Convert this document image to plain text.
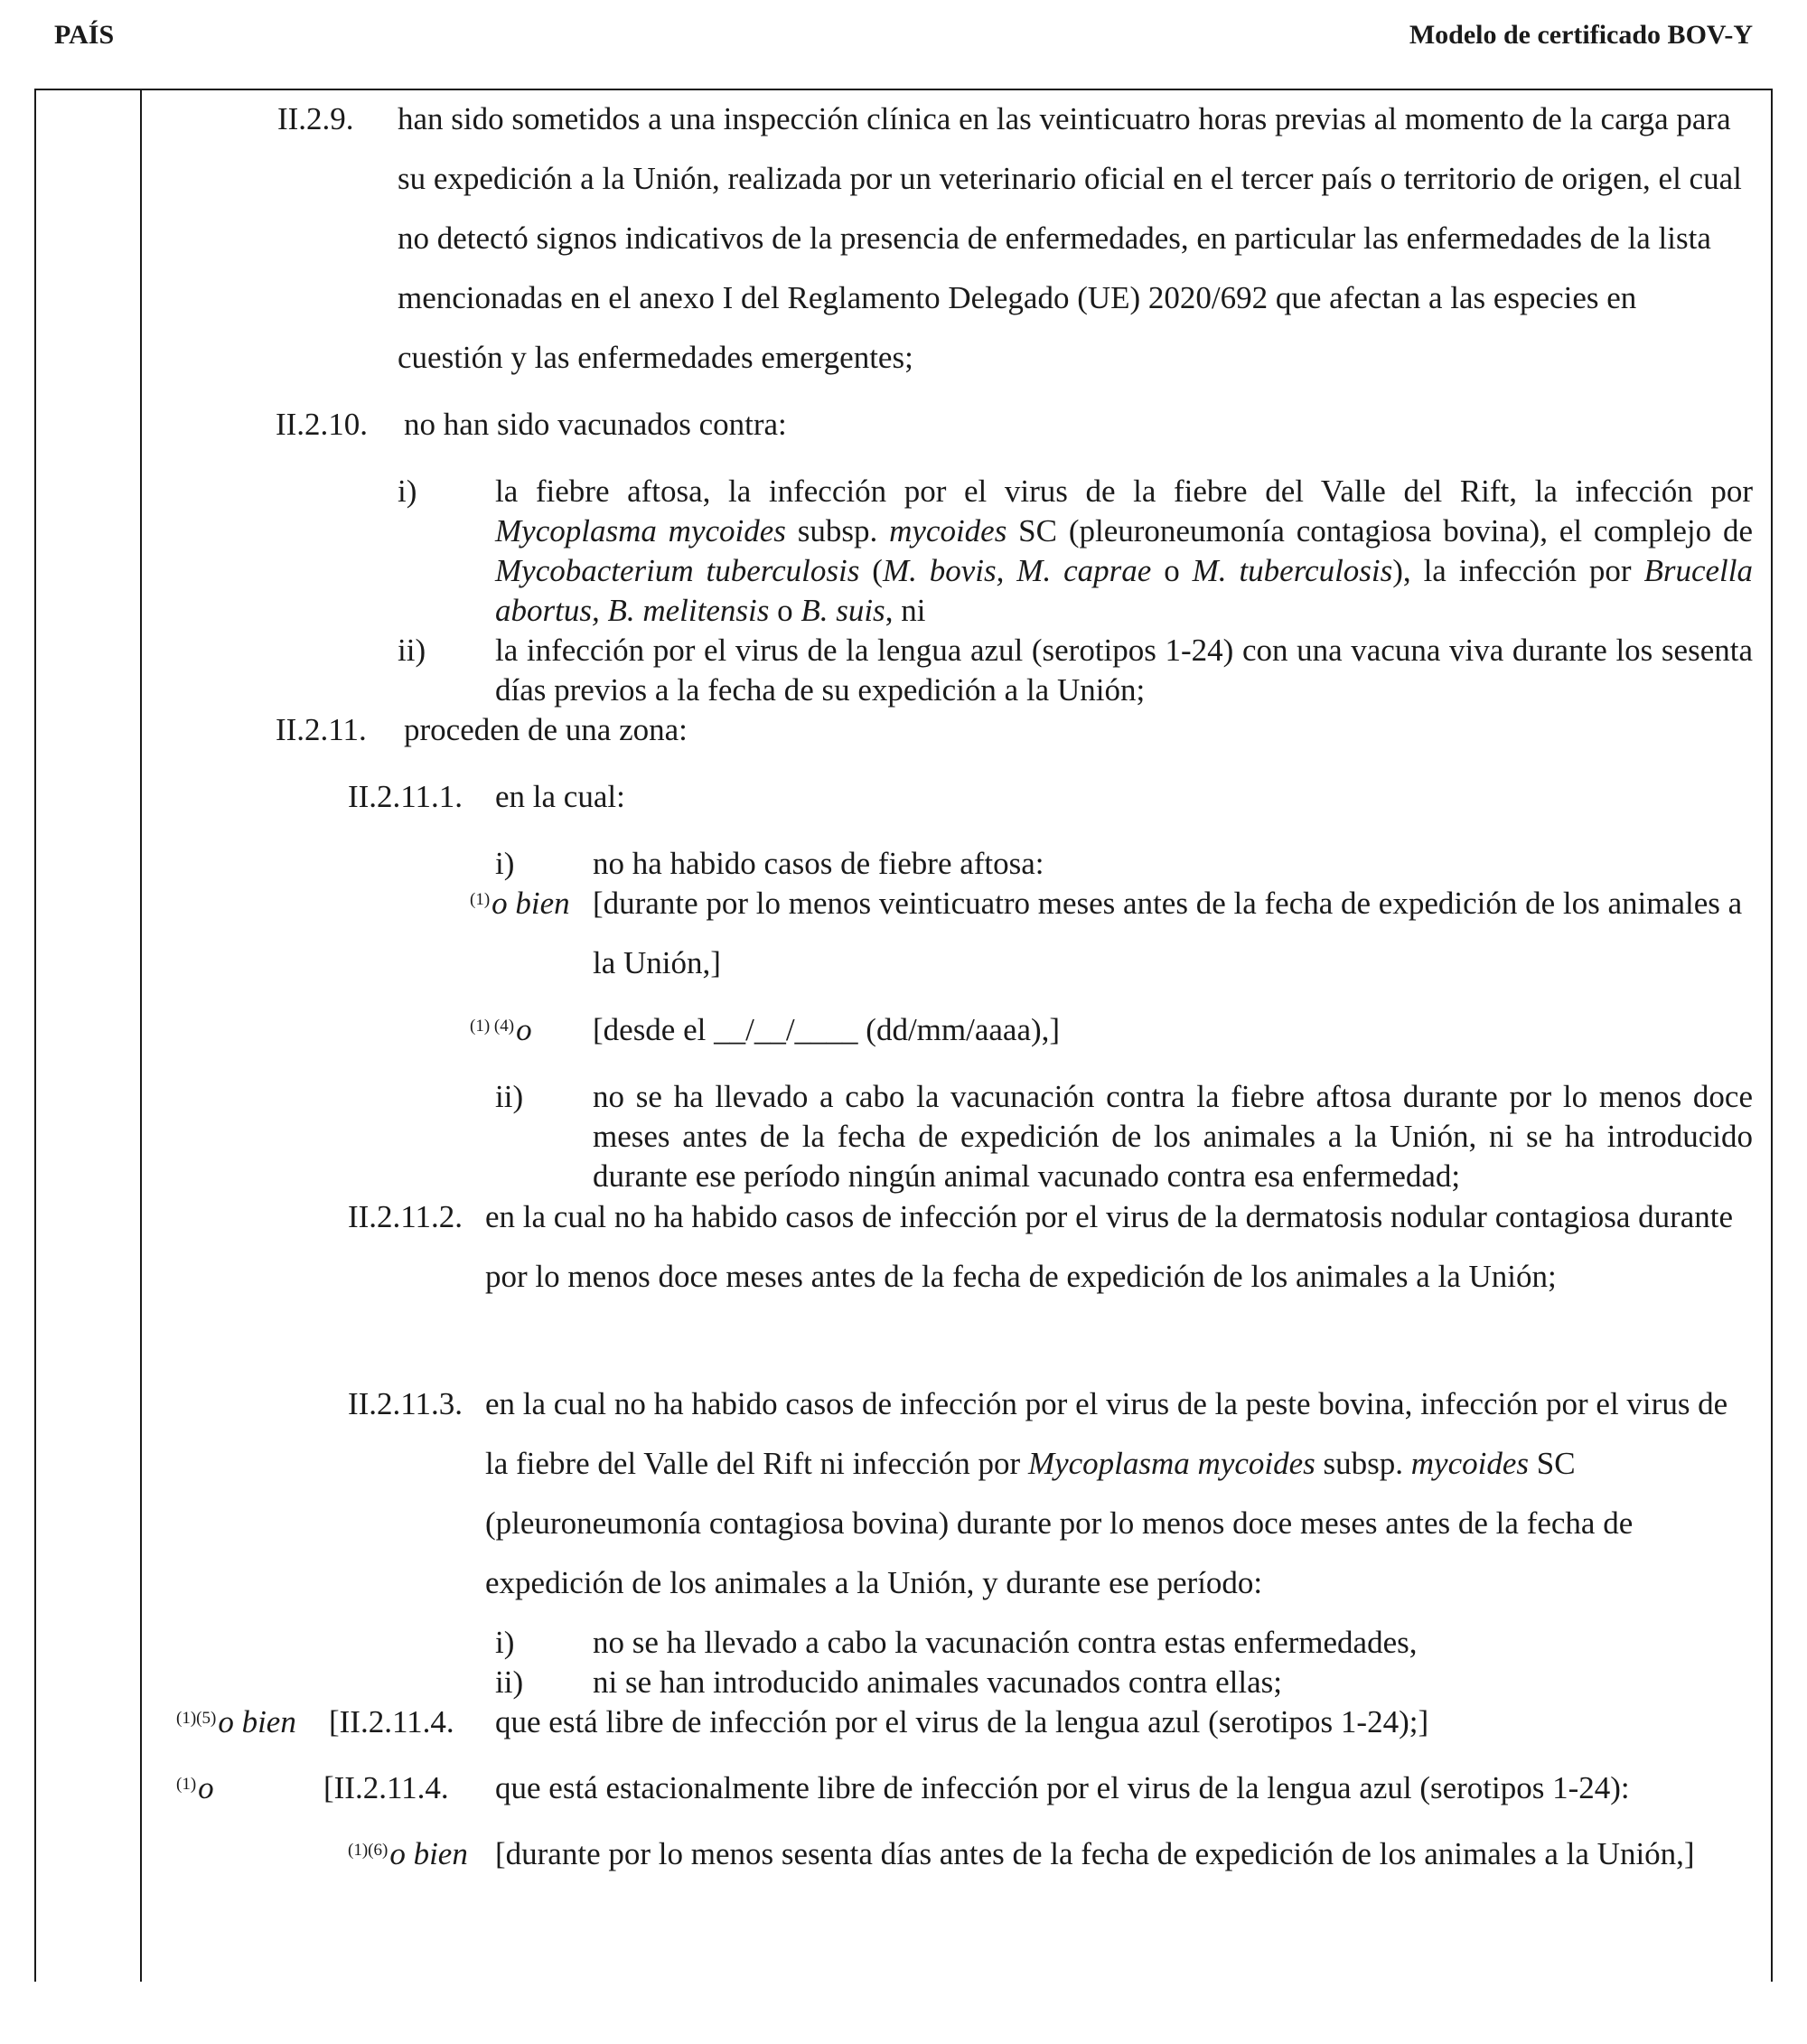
PAÍS	Modelo de certificado BOV-Y
II.2.9. han sido sometidos a una inspección clínica en las veinticuatro horas previas al momento de la carga para su expedición a la Unión, realizada por un veterinario oficial en el tercer país o territorio de origen, el cual no detectó signos indicativos de la presencia de enfermedades, en particular las enfermedades de la lista mencionadas en el anexo I del Reglamento Delegado (UE) 2020/692 que afectan a las especies en cuestión y las enfermedades emergentes;
II.2.10. no han sido vacunados contra:
i) la fiebre aftosa, la infección por el virus de la fiebre del Valle del Rift, la infección por Mycoplasma mycoides subsp. mycoides SC (pleuroneumonía contagiosa bovina), el complejo de Mycobacterium tuberculosis (M. bovis, M. caprae o M. tuberculosis), la infección por Brucella abortus, B. melitensis o B. suis, ni
ii) la infección por el virus de la lengua azul (serotipos 1-24) con una vacuna viva durante los sesenta días previos a la fecha de su expedición a la Unión;
II.2.11. proceden de una zona:
II.2.11.1. en la cual:
i) no ha habido casos de fiebre aftosa:
$^{(1)}$o bien [durante por lo menos veinticuatro meses antes de la fecha de expedición de los animales a la Unión,]
$^{(1) (4)}$o [desde el __/__/____ (dd/mm/aaaa),]
ii) no se ha llevado a cabo la vacunación contra la fiebre aftosa durante por lo menos doce meses antes de la fecha de expedición de los animales a la Unión, ni se ha introducido durante ese período ningún animal vacunado contra esa enfermedad;
II.2.11.2. en la cual no ha habido casos de infección por el virus de la dermatosis nodular contagiosa durante por lo menos doce meses antes de la fecha de expedición de los animales a la Unión;
II.2.11.3. en la cual no ha habido casos de infección por el virus de la peste bovina, infección por el virus de la fiebre del Valle del Rift ni infección por Mycoplasma mycoides subsp. mycoides SC (pleuroneumonía contagiosa bovina) durante por lo menos doce meses antes de la fecha de expedición de los animales a la Unión, y durante ese período:
i) no se ha llevado a cabo la vacunación contra estas enfermedades,
ii) ni se han introducido animales vacunados contra ellas;
$^{(1)(5)}$o bien [II.2.11.4. que está libre de infección por el virus de la lengua azul (serotipos 1-24);]
$^{(1)}$o	[II.2.11.4. que está estacionalmente libre de infección por el virus de la lengua azul (serotipos 1-24):
$^{(1)(6)}$o bien [durante por lo menos sesenta días antes de la fecha de expedición de los animales a la Unión,]
